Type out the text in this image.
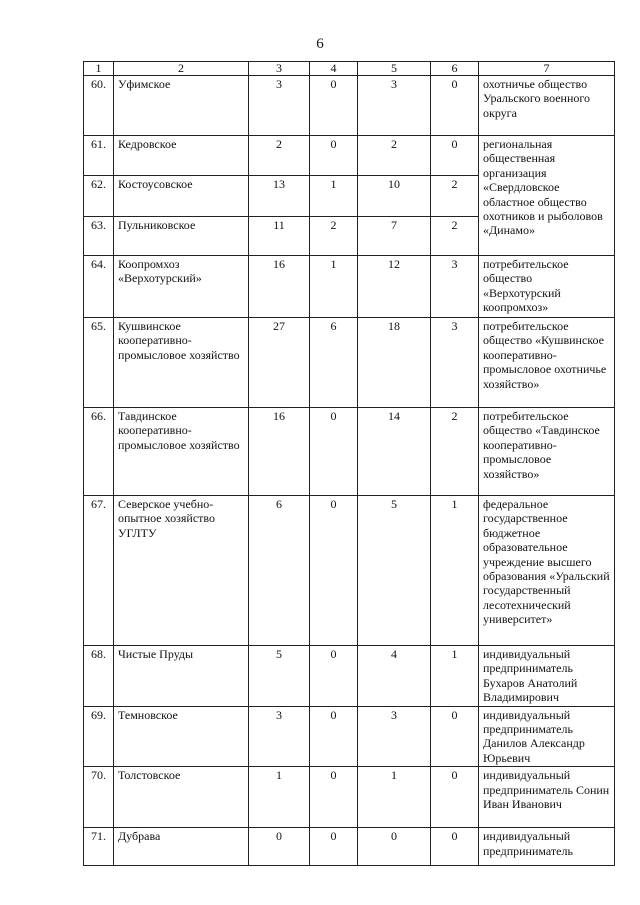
6
1	2	3	4	5	6	7
60.	Уфимское	3	0	3	0	охотничье общество Уральского военного округа
61.	Кедровское	2	0	2	0	региональная общественная организация «Свердловское областное общество охотников и рыболовов «Динамо»
62.	Костоусовское	13	1	10	2	
63.	Пульниковское	11	2	7	2	
64.	Коопромхоз «Верхотурский»	16	1	12	3	потребительское общество «Верхотурский коопромхоз»
65.	Кушвинское кооперативно-промысловое хозяйство	27	6	18	3	потребительское общество «Кушвинское кооперативно-промысловое охотничье хозяйство»
66.	Тавдинское кооперативно-промысловое хозяйство	16	0	14	2	потребительское общество «Тавдинское кооперативно-промысловое хозяйство»
67.	Северское учебно-опытное хозяйство УГЛТУ	6	0	5	1	федеральное государственное бюджетное образовательное учреждение высшего образования «Уральский государственный лесотехнический университет»
68.	Чистые Пруды	5	0	4	1	индивидуальный предприниматель Бухаров Анатолий Владимирович
69.	Темновское	3	0	3	0	индивидуальный предприниматель Данилов Александр Юрьевич
70.	Толстовское	1	0	1	0	индивидуальный предприниматель Сонин Иван Иванович
71.	Дубрава	0	0	0	0	индивидуальный предприниматель
